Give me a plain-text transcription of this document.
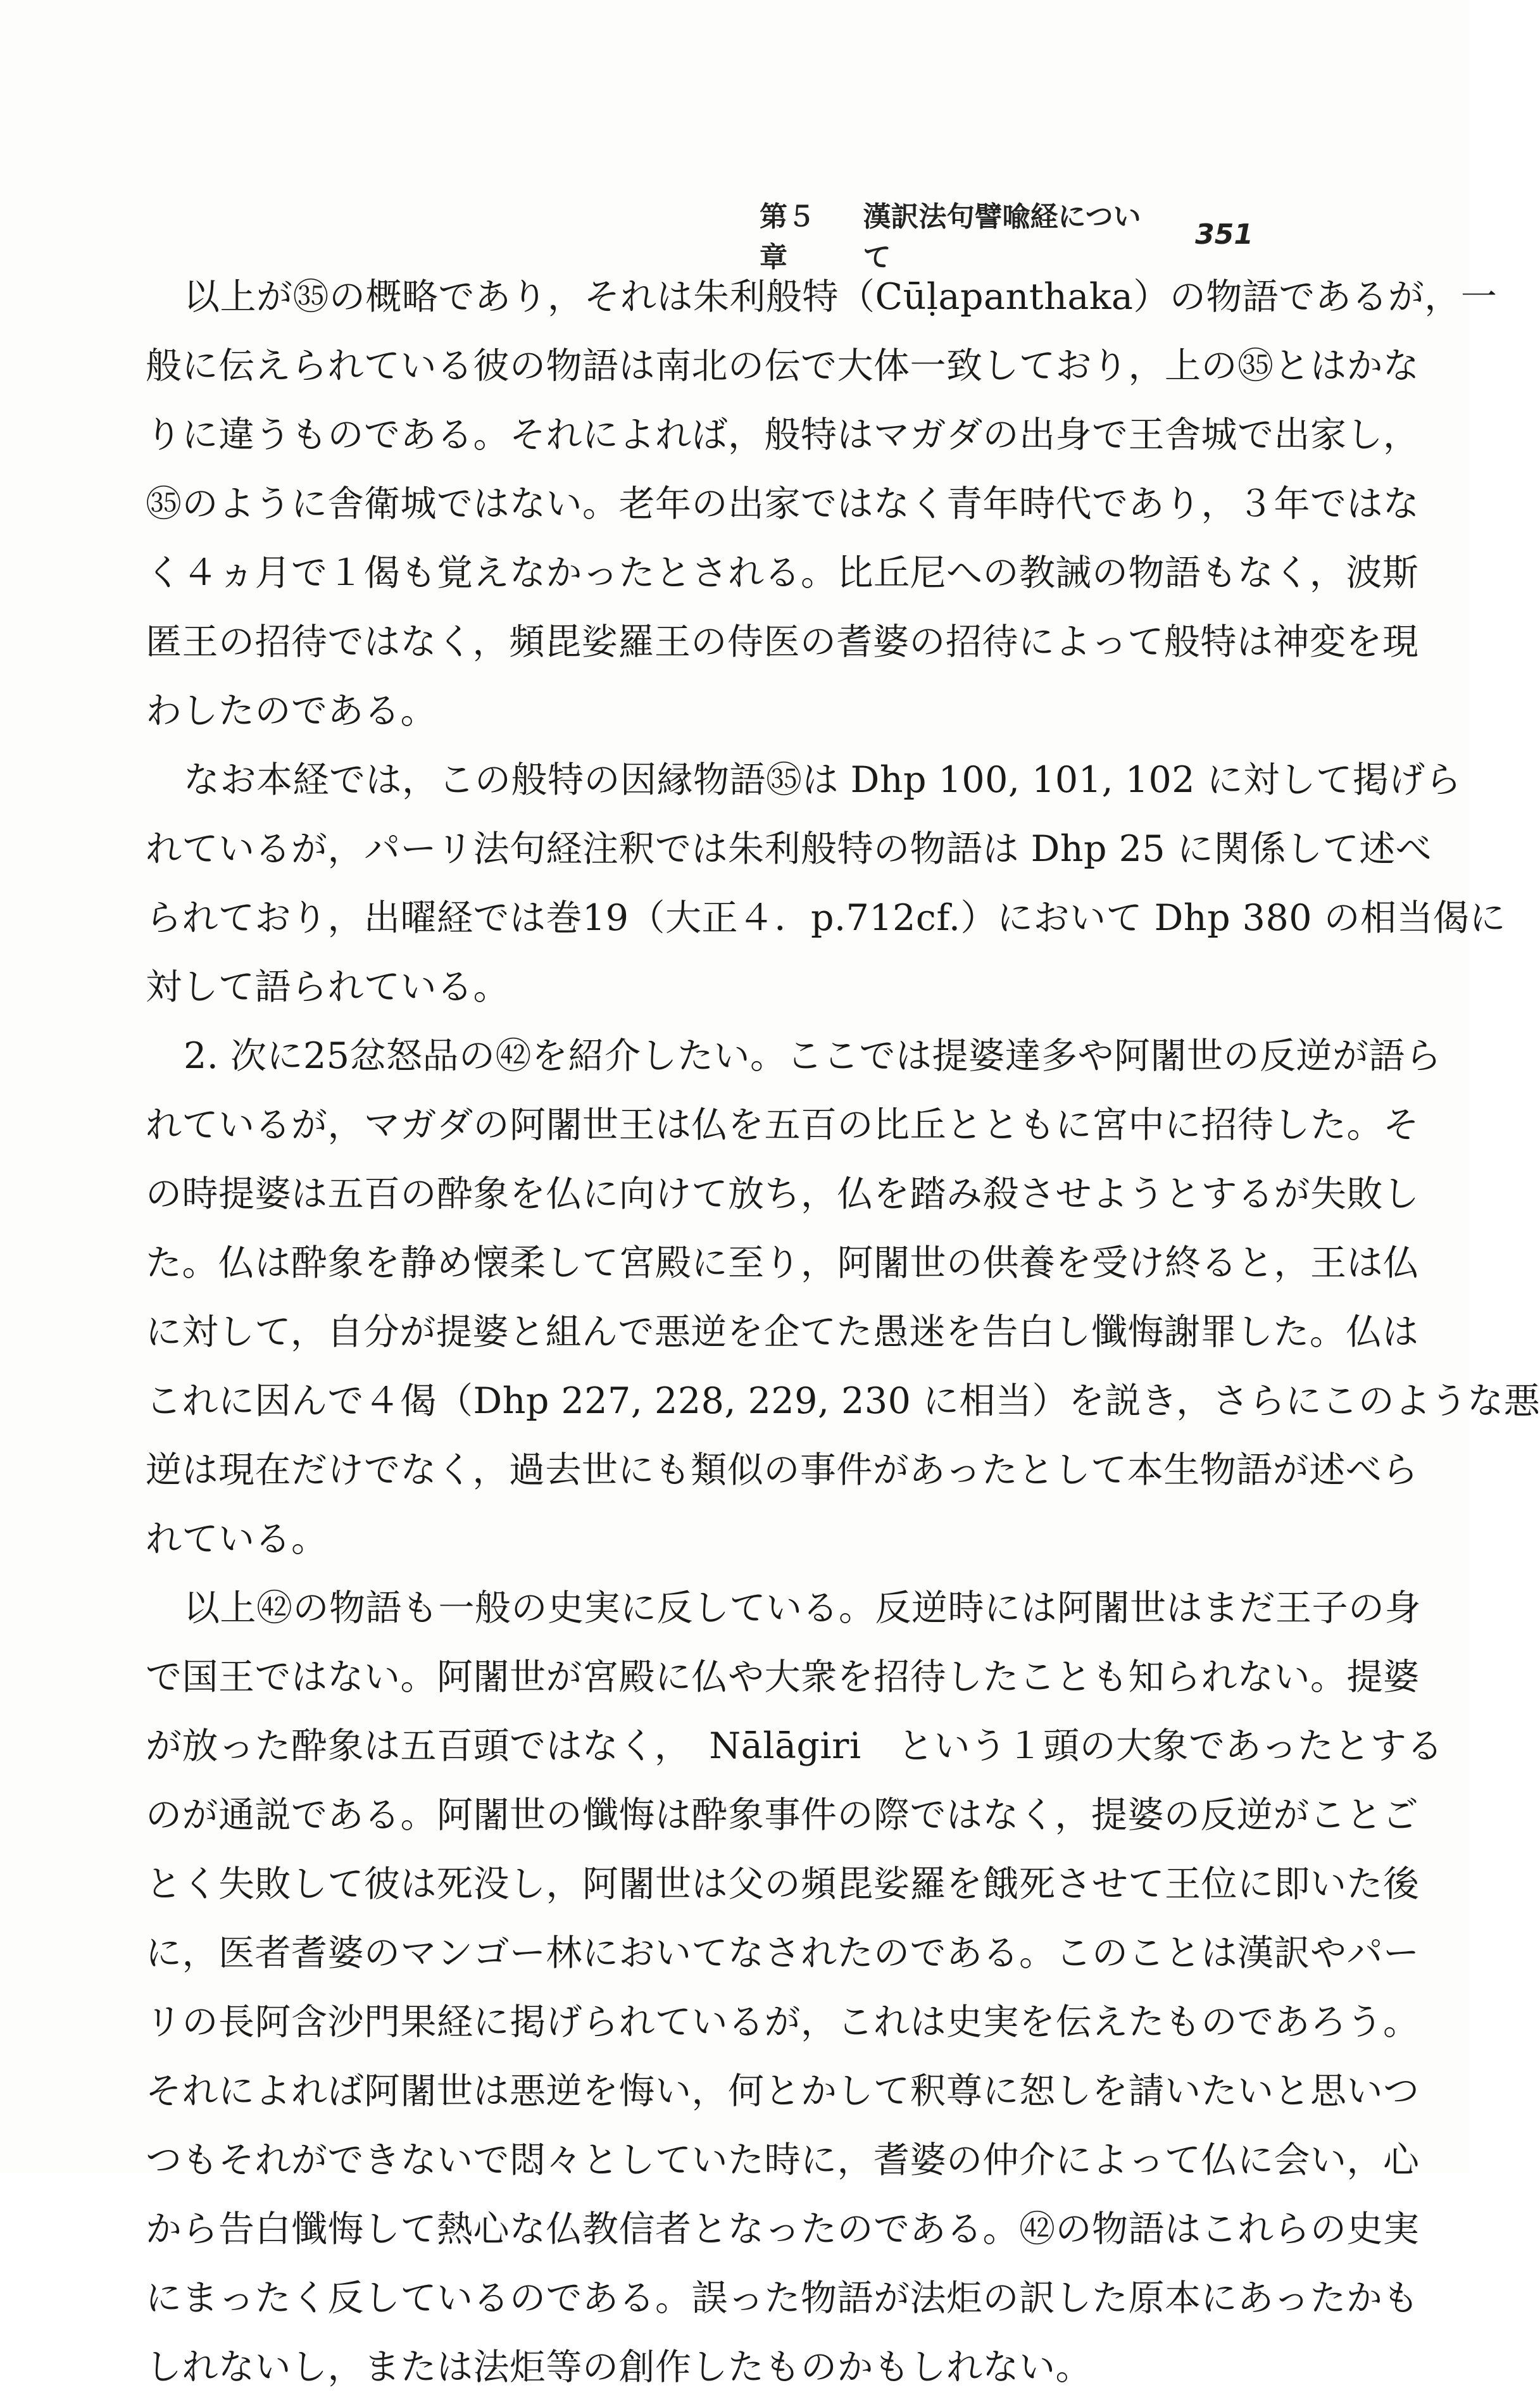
第５章
漢訳法句譬喩経について
351
以上が㉟の概略であり，それは朱利般特（Cūḷapanthaka）の物語であるが，一
般に伝えられている彼の物語は南北の伝で大体一致しており，上の㉟とはかな
りに違うものである。それによれば，般特はマガダの出身で王舎城で出家し，
㉟のように舎衛城ではない。老年の出家ではなく青年時代であり，３年ではな
く４ヵ月で１偈も覚えなかったとされる。比丘尼への教誡の物語もなく，波斯
匿王の招待ではなく，頻毘娑羅王の侍医の耆婆の招待によって般特は神変を現
わしたのである。
なお本経では，この般特の因縁物語㉟は Dhp 100, 101, 102 に対して掲げら
れているが，パーリ法句経注釈では朱利般特の物語は Dhp 25 に関係して述べ
られており，出曜経では巻19（大正４．p.712cf.）において Dhp 380 の相当偈に
対して語られている。
2. 次に25忿怒品の㊷を紹介したい。ここでは提婆達多や阿闍世の反逆が語ら
れているが，マガダの阿闍世王は仏を五百の比丘とともに宮中に招待した。そ
の時提婆は五百の酔象を仏に向けて放ち，仏を踏み殺させようとするが失敗し
た。仏は酔象を静め懐柔して宮殿に至り，阿闍世の供養を受け終ると，王は仏
に対して，自分が提婆と組んで悪逆を企てた愚迷を告白し懺悔謝罪した。仏は
これに因んで４偈（Dhp 227, 228, 229, 230 に相当）を説き，さらにこのような悪
逆は現在だけでなく，過去世にも類似の事件があったとして本生物語が述べら
れている。
以上㊷の物語も一般の史実に反している。反逆時には阿闍世はまだ王子の身
で国王ではない。阿闍世が宮殿に仏や大衆を招待したことも知られない。提婆
が放った酔象は五百頭ではなく，　Nālāgiri　という１頭の大象であったとする
のが通説である。阿闍世の懺悔は酔象事件の際ではなく，提婆の反逆がことご
とく失敗して彼は死没し，阿闍世は父の頻毘娑羅を餓死させて王位に即いた後
に，医者耆婆のマンゴー林においてなされたのである。このことは漢訳やパー
リの長阿含沙門果経に掲げられているが，これは史実を伝えたものであろう。
それによれば阿闍世は悪逆を悔い，何とかして釈尊に恕しを請いたいと思いつ
つもそれができないで悶々としていた時に，耆婆の仲介によって仏に会い，心
から告白懺悔して熱心な仏教信者となったのである。㊷の物語はこれらの史実
にまったく反しているのである。誤った物語が法炬の訳した原本にあったかも
しれないし，または法炬等の創作したものかもしれない。
